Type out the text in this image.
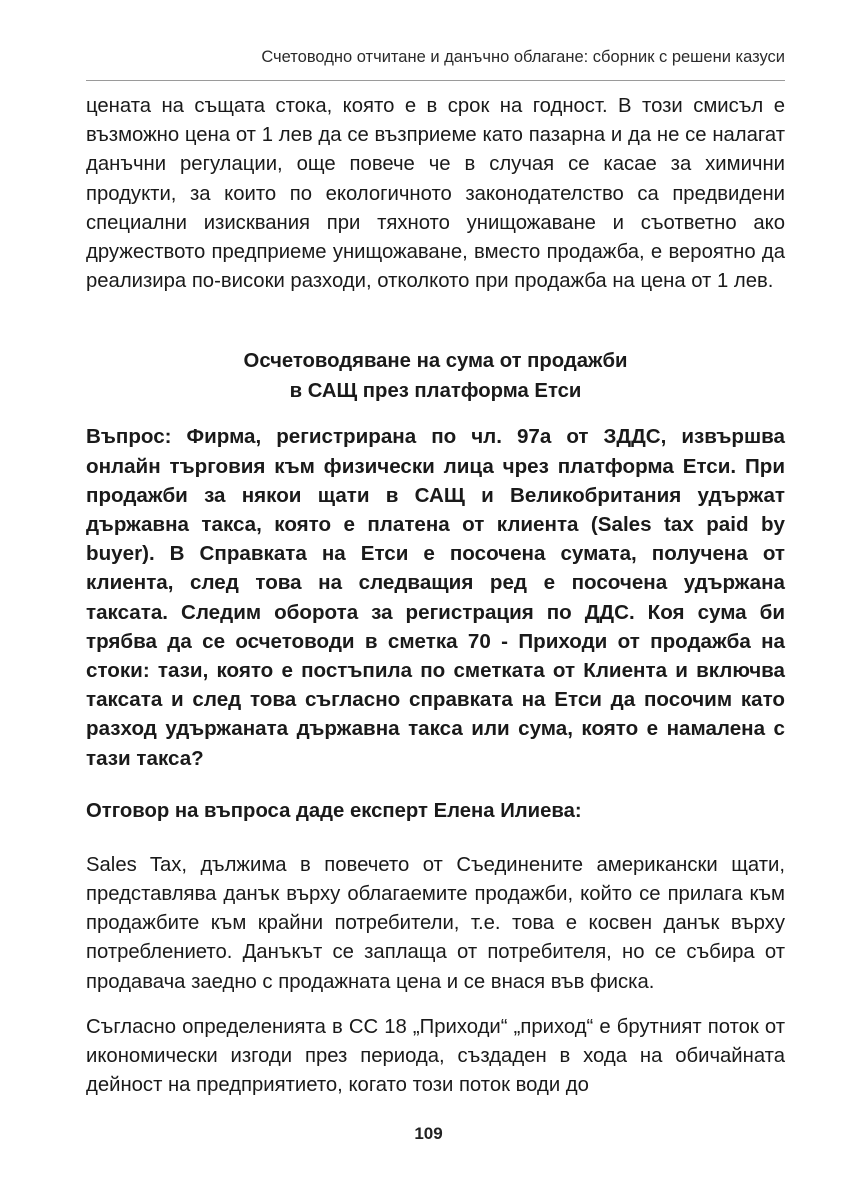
Счетоводно отчитане и данъчно облагане: сборник с решени казуси

цената на същата стока, която е в срок на годност. В този смисъл е възможно цена от 1 лев да се възприеме като пазарна и да не се налагат данъчни регулации, още повече че в случая се касае за химични продукти, за които по екологичното законодателство са предвидени специални изисквания при тяхното унищожаване и съответно ако дружеството предприеме унищожаване, вместо продажба, е вероятно да реализира по-високи разходи, отколкото при продажба на цена от 1 лев.

Осчетоводяване на сума от продажби
в САЩ през платформа Етси

Въпрос: Фирма, регистрирана по чл. 97а от ЗДДС, извършва онлайн търговия към физически лица чрез платформа Етси. При продажби за някои щати в САЩ и Великобритания удържат държавна такса, която е платена от клиента (Sales tax paid by buyer). В Справката на Етси е посочена сумата, получена от клиента, след това на следващия ред е посочена удържана таксата. Следим оборота за регистрация по ДДС. Коя сума би трябва да се осчетоводи в сметка 70 - Приходи от продажба на стоки: тази, която е постъпила по сметката от Клиента и включва таксата и след това съгласно справката на Етси да посочим като разход удържаната държавна такса или сума, която е намалена с тази такса?

Отговор на въпроса даде експерт Елена Илиева:

Sales Tax, дължима в повечето от Съединените американски щати, представлява данък върху облагаемите продажби, който се прилага към продажбите към крайни потребители, т.е. това е косвен данък върху потреблението. Данъкът се заплаща от потребителя, но се събира от продавача заедно с продажната цена и се внася във фиска.

Съгласно определенията в СС 18 „Приходи“ „приход“ е брутният поток от икономически изгоди през периода, създаден в хода на обичайната дейност на предприятието, когато този поток води до

109
